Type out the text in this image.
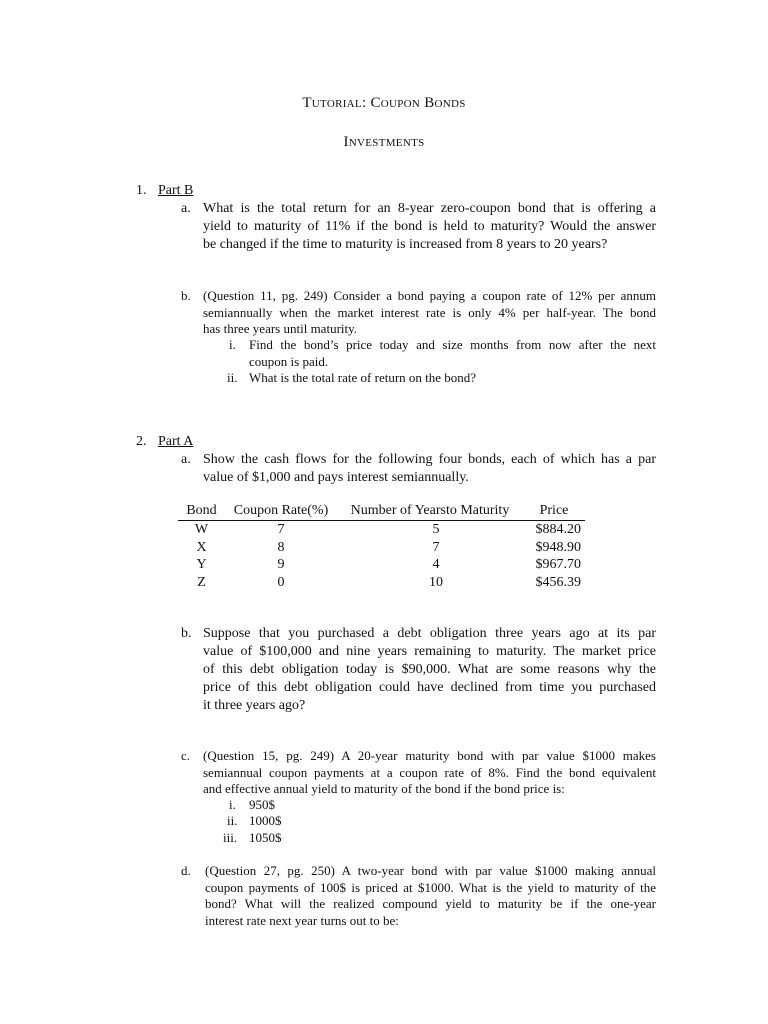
Tutorial: Coupon Bonds
Investments
1. Part B
a. What is the total return for an 8-year zero-coupon bond that is offering a
yield to maturity of 11% if the bond is held to maturity? Would the answer
be changed if the time to maturity is increased from 8 years to 20 years?
b. (Question 11, pg. 249) Consider a bond paying a coupon rate of 12% per annum
semiannually when the market interest rate is only 4% per half-year. The bond
has three years until maturity.
i. Find the bond’s price today and size months from now after the next
coupon is paid.
ii. What is the total rate of return on the bond?
2. Part A
a. Show the cash flows for the following four bonds, each of which has a par
value of $1,000 and pays interest semiannually.
Bond	Coupon Rate(%)	Number of Yearsto Maturity	Price
W	7	5	$884.20
X	8	7	$948.90
Y	9	4	$967.70
Z	0	10	$456.39
b. Suppose that you purchased a debt obligation three years ago at its par
value of $100,000 and nine years remaining to maturity. The market price
of this debt obligation today is $90,000. What are some reasons why the
price of this debt obligation could have declined from time you purchased
it three years ago?
c. (Question 15, pg. 249) A 20-year maturity bond with par value $1000 makes
semiannual coupon payments at a coupon rate of 8%. Find the bond equivalent
and effective annual yield to maturity of the bond if the bond price is:
i. 950$
ii. 1000$
iii. 1050$
d. (Question 27, pg. 250) A two-year bond with par value $1000 making annual
coupon payments of 100$ is priced at $1000. What is the yield to maturity of the
bond? What will the realized compound yield to maturity be if the one-year
interest rate next year turns out to be:
